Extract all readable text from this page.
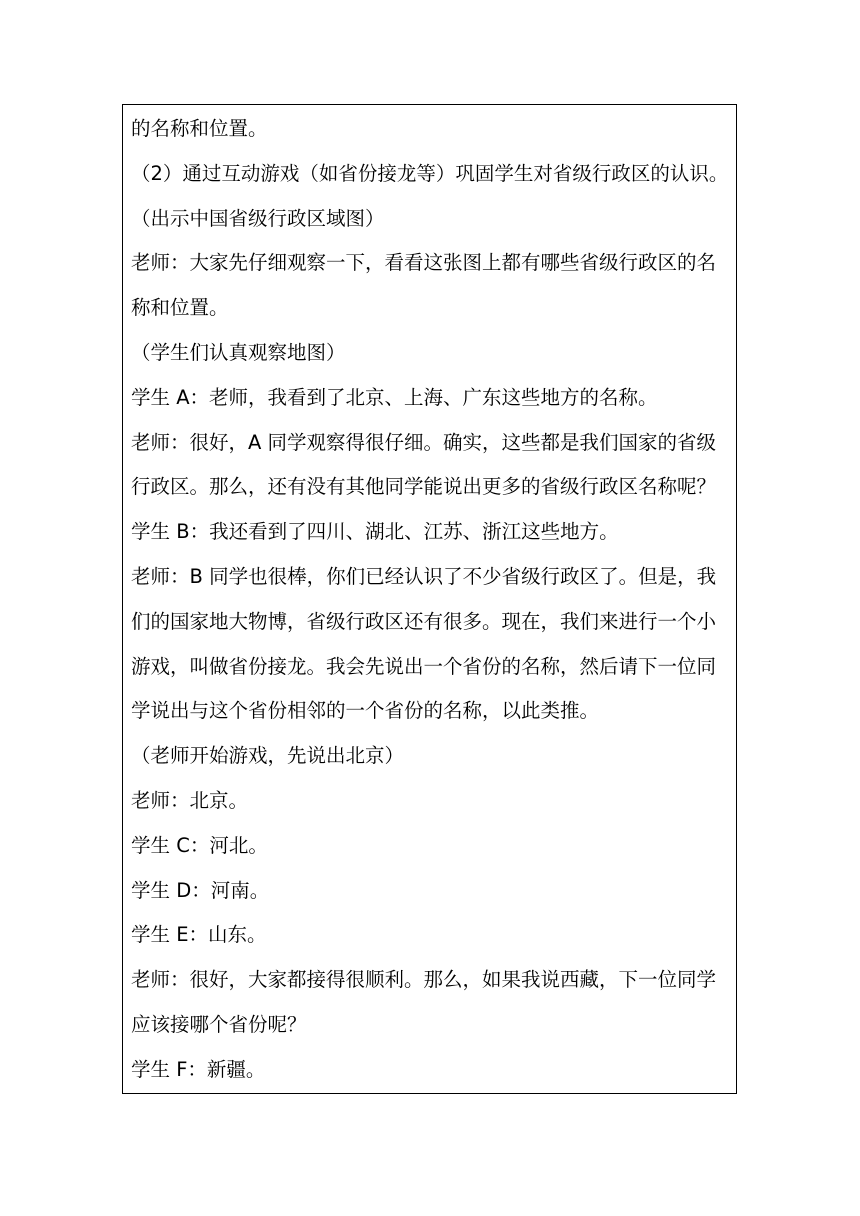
的名称和位置。
（2）通过互动游戏（如省份接龙等）巩固学生对省级行政区的认识。
（出示中国省级行政区域图）
老师：大家先仔细观察一下，看看这张图上都有哪些省级行政区的名
称和位置。
（学生们认真观察地图）
学生 A：老师，我看到了北京、上海、广东这些地方的名称。
老师：很好，A 同学观察得很仔细。确实，这些都是我们国家的省级
行政区。那么，还有没有其他同学能说出更多的省级行政区名称呢？
学生 B：我还看到了四川、湖北、江苏、浙江这些地方。
老师：B 同学也很棒，你们已经认识了不少省级行政区了。但是，我
们的国家地大物博，省级行政区还有很多。现在，我们来进行一个小
游戏，叫做省份接龙。我会先说出一个省份的名称，然后请下一位同
学说出与这个省份相邻的一个省份的名称，以此类推。
（老师开始游戏，先说出北京）
老师：北京。
学生 C：河北。
学生 D：河南。
学生 E：山东。
老师：很好，大家都接得很顺利。那么，如果我说西藏，下一位同学
应该接哪个省份呢？
学生 F：新疆。
